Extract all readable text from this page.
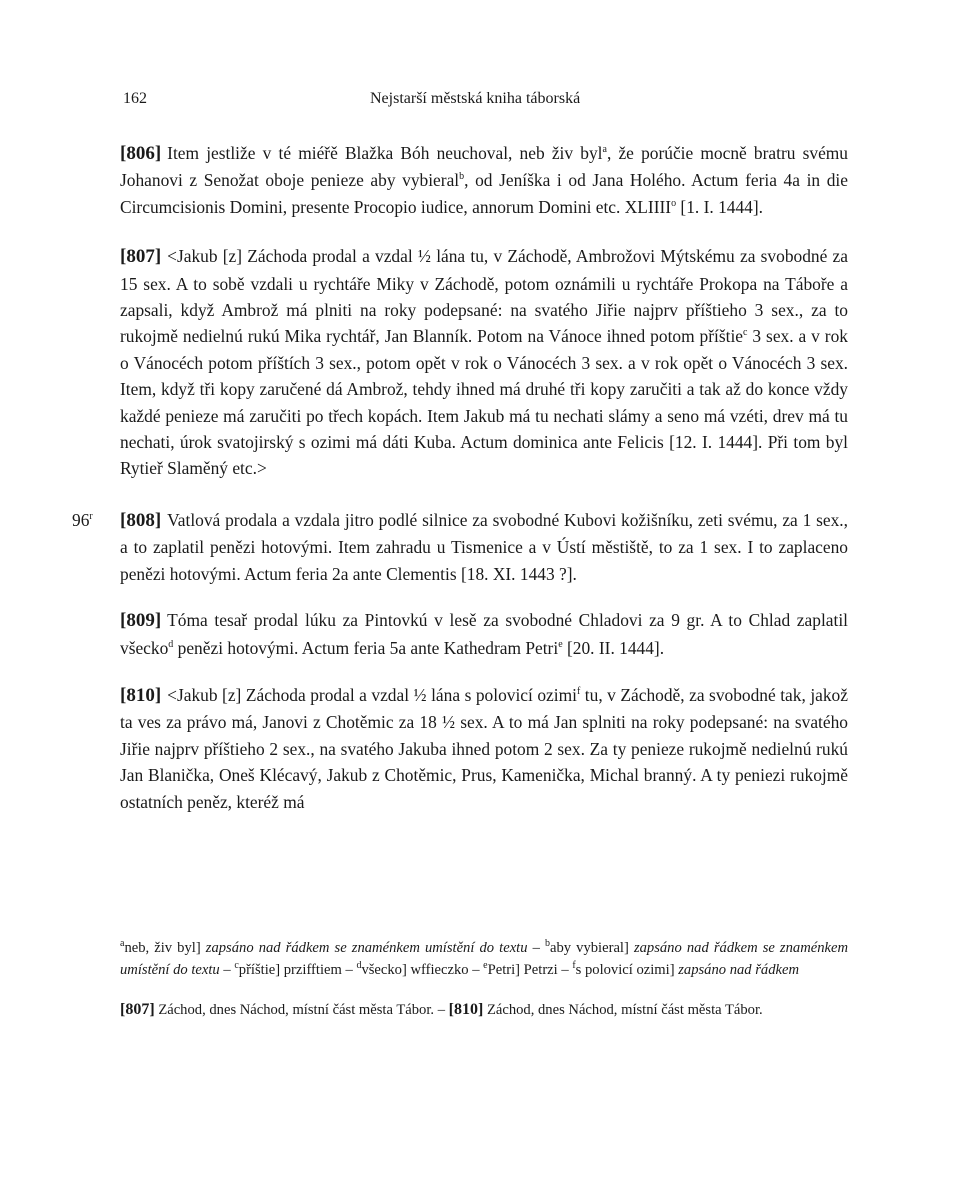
162	Nejstarší městská kniha táborská

[806] Item jestliže v té miéřě Blažka Bóh neuchoval, neb živ byl$^a$, že porúčie mocně bratru svému Johanovi z Senožat oboje penieze aby vybieral$^b$, od Jeníška i od Jana Holého. Actum feria 4a in die Circumcisionis Domini, presente Procopio iudice, annorum Domini etc. XLIIII$^o$ [1. I. 1444].

[807] <Jakub [z] Záchoda prodal a vzdal ½ lána tu, v Záchodě, Ambrožovi Mýtskému za svobodné za 15 sex. A to sobě vzdali u rychtáře Miky v Záchodě, potom oznámili u rychtáře Prokopa na Táboře a zapsali, když Ambrož má plniti na roky podepsané: na svatého Jiřie najprv příštieho 3 sex., za to rukojmě nedielnú rukú Mika rychtář, Jan Blanník. Potom na Vánoce ihned potom příštie$^c$ 3 sex. a v rok o Vánocéch potom příštích 3 sex., potom opět v rok o Vánocéch 3 sex. a v rok opět o Vánocéch 3 sex. Item, když tři kopy zaručené dá Ambrož, tehdy ihned má druhé tři kopy zaručiti a tak až do konce vždy každé penieze má zaručiti po třech kopách. Item Jakub má tu nechati slámy a seno má vzéti, drev má tu nechati, úrok svatojirský s ozimi má dáti Kuba. Actum dominica ante Felicis [12. I. 1444]. Při tom byl Rytieř Slaměný etc.>

96$^r$ [808] Vatlová prodala a vzdala jitro podlé silnice za svobodné Kubovi kožišníku, zeti svému, za 1 sex., a to zaplatil penězi hotovými. Item zahradu u Tismenice a v Ústí městiště, to za 1 sex. I to zaplaceno penězi hotovými. Actum feria 2a ante Clementis [18. XI. 1443 ?].

[809] Tóma tesař prodal lúku za Pintovkú v lesě za svobodné Chladovi za 9 gr. A to Chlad zaplatil všecko$^d$ penězi hotovými. Actum feria 5a ante Kathedram Petri$^e$ [20. II. 1444].

[810] <Jakub [z] Záchoda prodal a vzdal ½ lána s polovicí ozimi$^f$ tu, v Záchodě, za svobodné tak, jakož ta ves za právo má, Janovi z Chotěmic za 18 ½ sex. A to má Jan splniti na roky podepsané: na svatého Jiřie najprv příštieho 2 sex., na svatého Jakuba ihned potom 2 sex. Za ty penieze rukojmě nedielnú rukú Jan Blanička, Oneš Klécavý, Jakub z Chotěmic, Prus, Kamenička, Michal branný. A ty peniezi rukojmě ostatních peněz, kteréž má

$^a$neb, živ byl] zapsáno nad řádkem se znaménkem umístění do textu – $^b$aby vybieral] zapsáno nad řádkem se znaménkem umístění do textu – $^c$příštie] przifftiem – $^d$všecko] wffieczko – $^e$Petri] Petrzi – $^f$s polovicí ozimi] zapsáno nad řádkem

[807] Záchod, dnes Náchod, místní část města Tábor. – [810] Záchod, dnes Náchod, místní část města Tábor.
